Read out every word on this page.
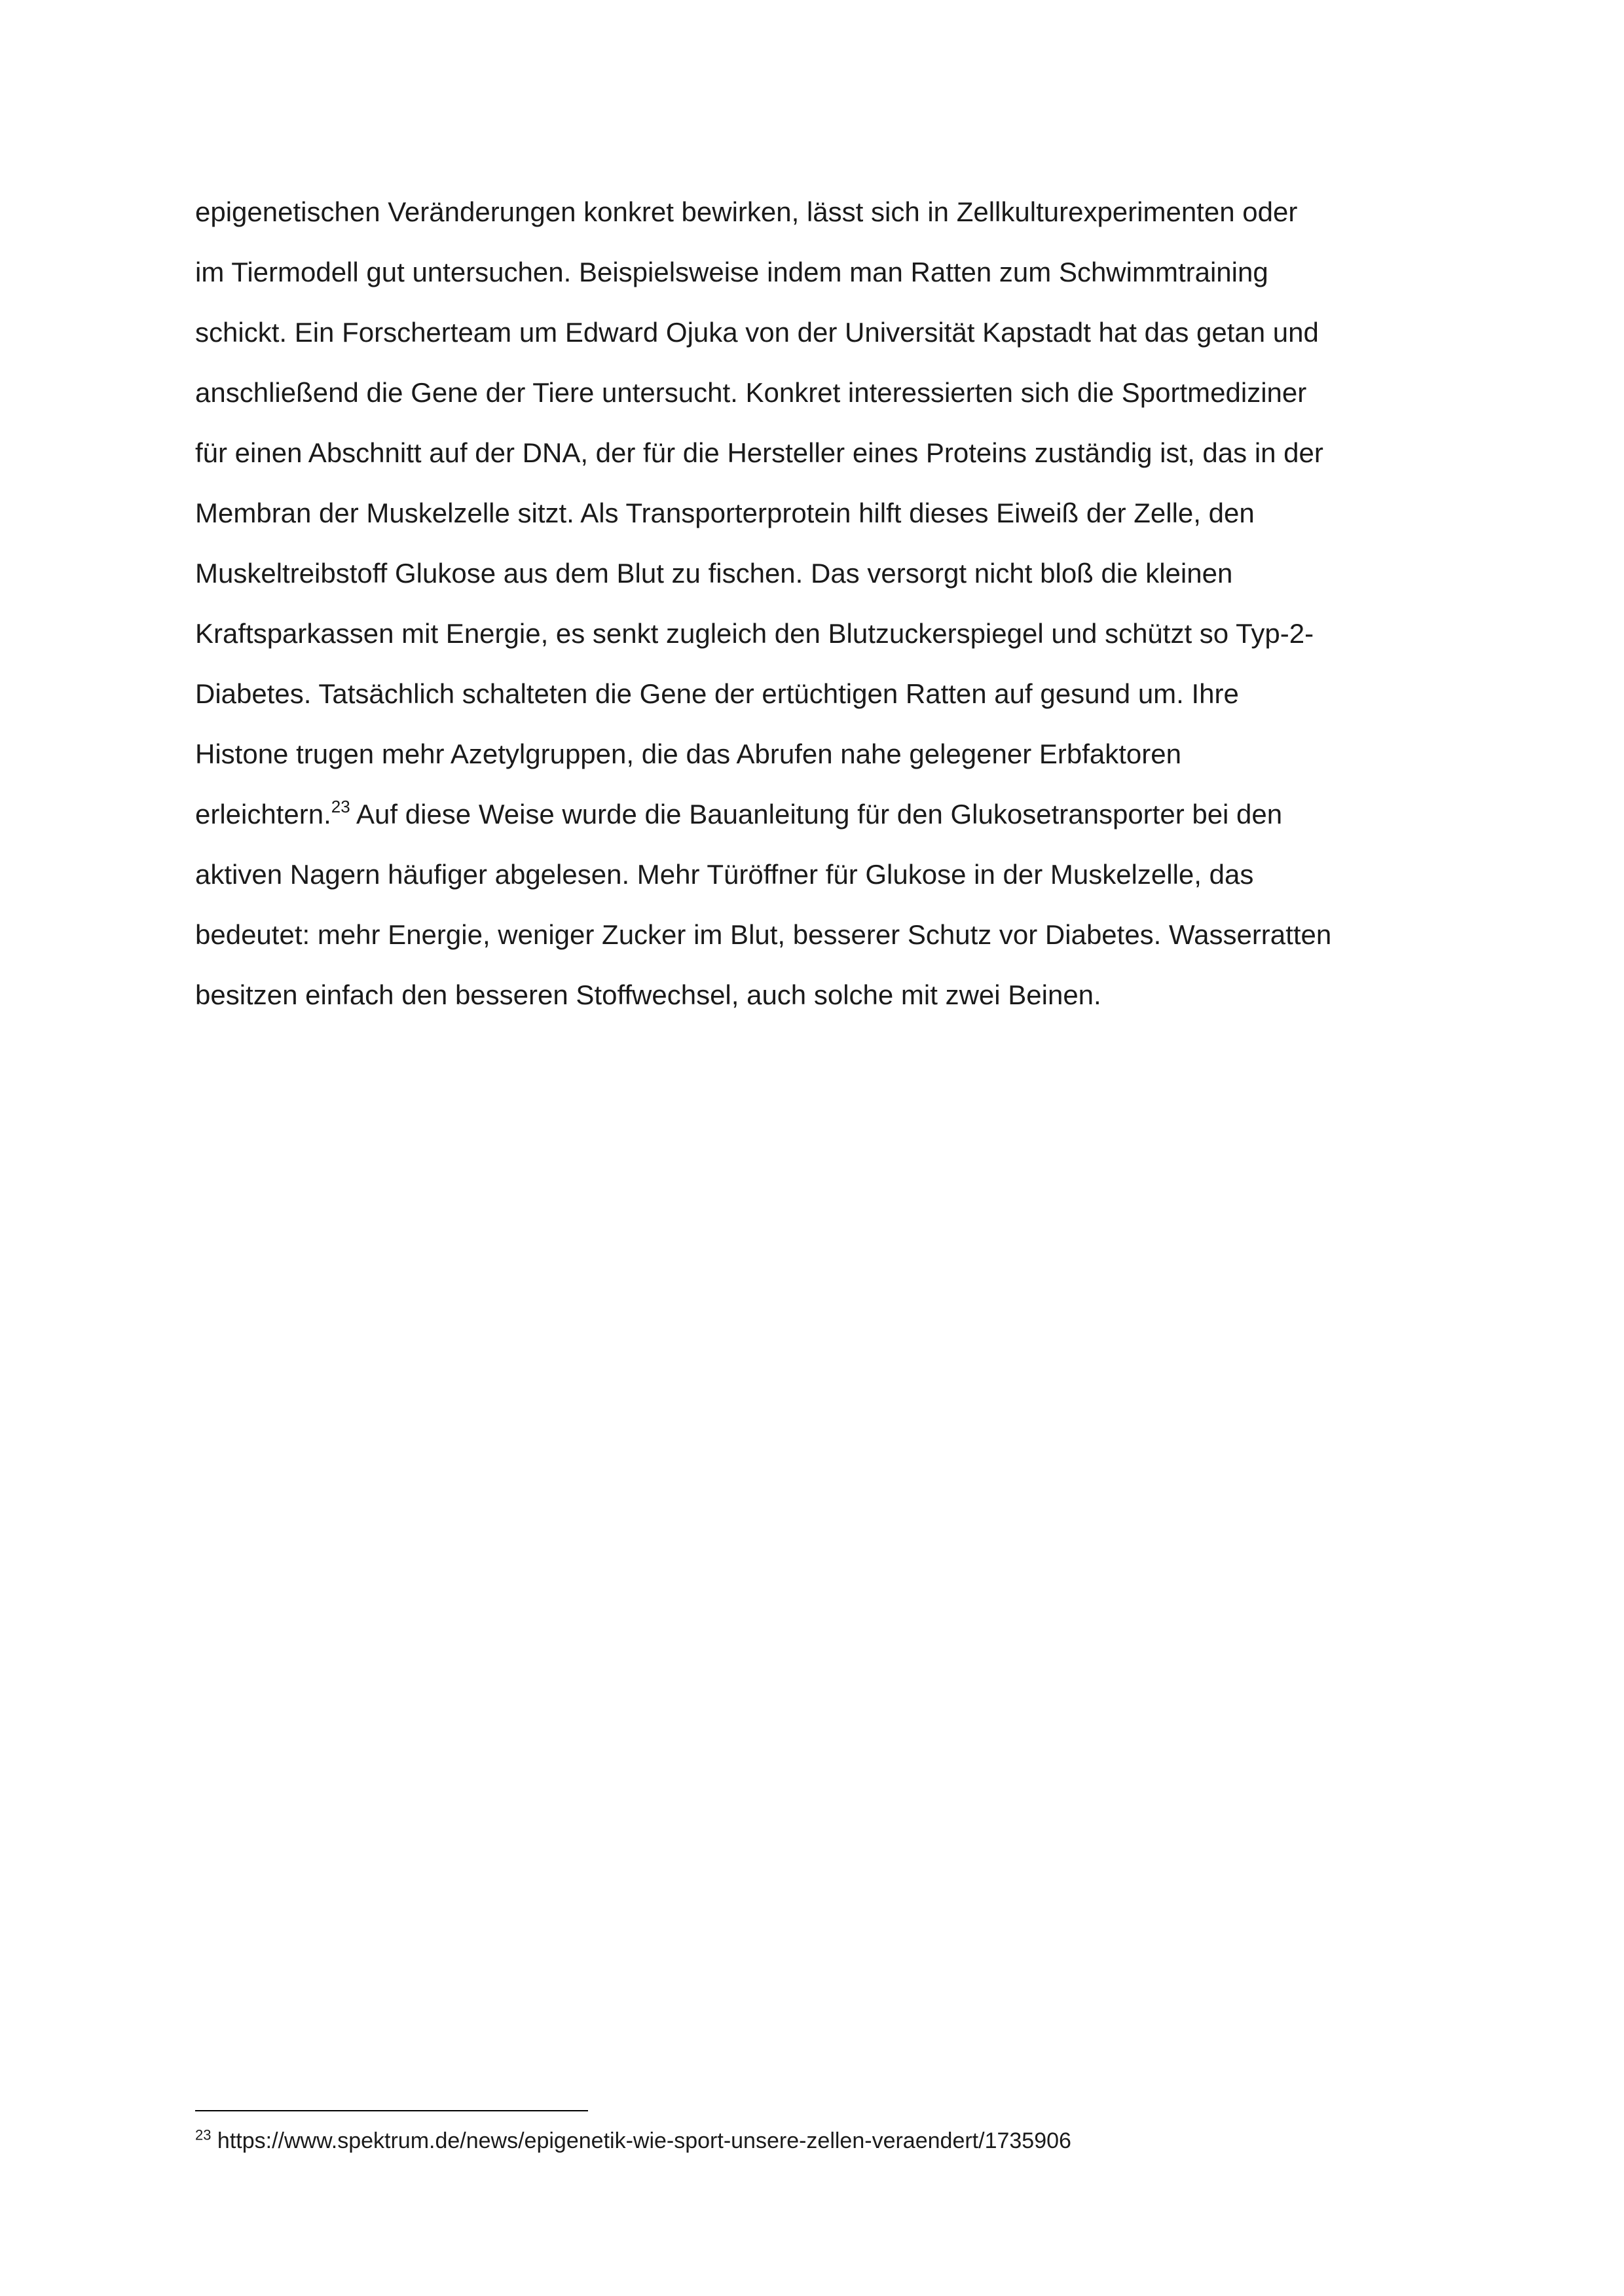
epigenetischen Veränderungen konkret bewirken, lässt sich in Zellkulturexperimenten oder
im Tiermodell gut untersuchen. Beispielsweise indem man Ratten zum Schwimmtraining
schickt. Ein Forscherteam um Edward Ojuka von der Universität Kapstadt hat das getan und
anschließend die Gene der Tiere untersucht. Konkret interessierten sich die Sportmediziner
für einen Abschnitt auf der DNA, der für die Hersteller eines Proteins zuständig ist, das in der
Membran der Muskelzelle sitzt. Als Transporterprotein hilft dieses Eiweiß der Zelle, den
Muskeltreibstoff Glukose aus dem Blut zu fischen. Das versorgt nicht bloß die kleinen
Kraftsparkassen mit Energie, es senkt zugleich den Blutzuckerspiegel und schützt so Typ-2-
Diabetes. Tatsächlich schalteten die Gene der ertüchtigen Ratten auf gesund um. Ihre
Histone trugen mehr Azetylgruppen, die das Abrufen nahe gelegener Erbfaktoren
erleichtern.$^{23}$ Auf diese Weise wurde die Bauanleitung für den Glukosetransporter bei den
aktiven Nagern häufiger abgelesen. Mehr Türöffner für Glukose in der Muskelzelle, das
bedeutet: mehr Energie, weniger Zucker im Blut, besserer Schutz vor Diabetes. Wasserratten
besitzen einfach den besseren Stoffwechsel, auch solche mit zwei Beinen.

$^{23}$ https://www.spektrum.de/news/epigenetik-wie-sport-unsere-zellen-veraendert/1735906
